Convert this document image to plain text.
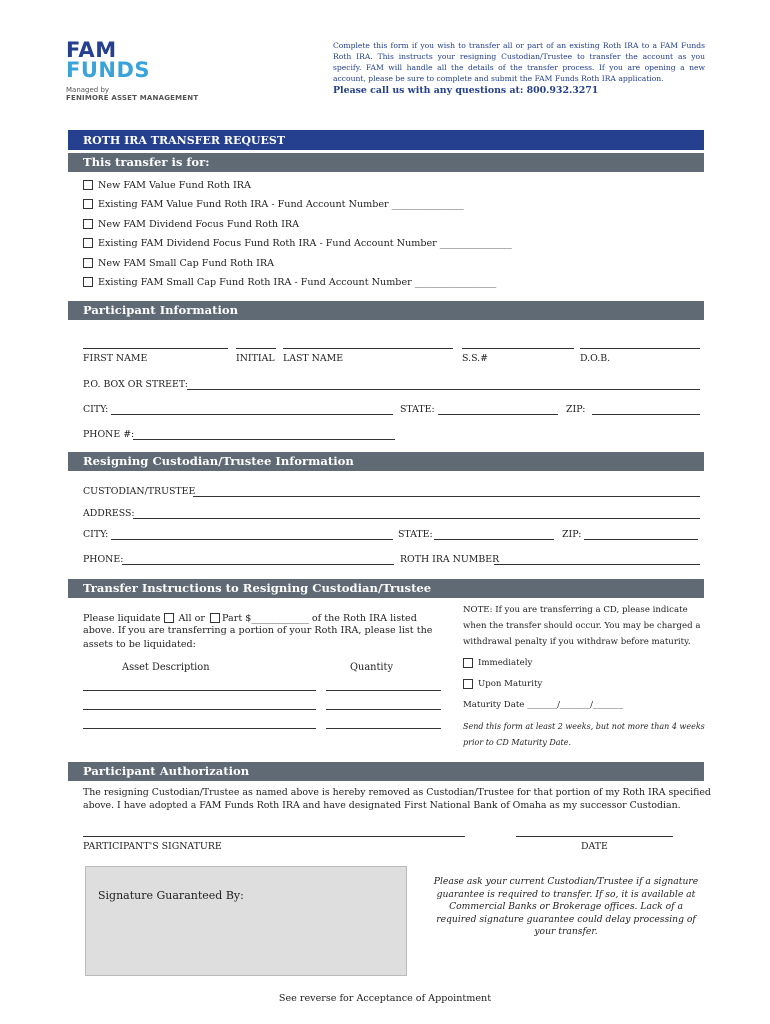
FAM
FUNDS
Managed by
FENIMORE ASSET MANAGEMENT
Complete this form if you wish to transfer all or part of an existing Roth IRA to a FAM Funds Roth IRA. This instructs your resigning Custodian/Trustee to transfer the account as you specify. FAM will handle all the details of the transfer process. If you are opening a new account, please be sure to complete and submit the FAM Funds Roth IRA application.
Please call us with any questions at: 800.932.3271
ROTH IRA TRANSFER REQUEST
This transfer is for:
New FAM Value Fund Roth IRA
Existing FAM Value Fund Roth IRA - Fund Account Number _______________
New FAM Dividend Focus Fund Roth IRA
Existing FAM Dividend Focus Fund Roth IRA - Fund Account Number _______________
New FAM Small Cap Fund Roth IRA
Existing FAM Small Cap Fund Roth IRA - Fund Account Number _________________
Participant Information
FIRST NAME	INITIAL LAST NAME	S.S.#	D.O.B.
P.O. BOX OR STREET:
CITY:	STATE:	ZIP:
PHONE #:
Resigning Custodian/Trustee Information
CUSTODIAN/TRUSTEE
ADDRESS:
CITY:	STATE:	ZIP:
PHONE:	ROTH IRA NUMBER
Transfer Instructions to Resigning Custodian/Trustee
Please liquidate All or Part $ ____________ of the Roth IRA listed
above. If you are transferring a portion of your Roth IRA, please list the
assets to be liquidated:
Asset Description	Quantity
NOTE: If you are transferring a CD, please indicate
when the transfer should occur. You may be charged a
withdrawal penalty if you withdraw before maturity.
Immediately
Upon Maturity
Maturity Date _______/_______/_______
Send this form at least 2 weeks, but not more than 4 weeks
prior to CD Maturity Date.
Participant Authorization
The resigning Custodian/Trustee as named above is hereby removed as Custodian/Trustee for that portion of my Roth IRA specified
above. I have adopted a FAM Funds Roth IRA and have designated First National Bank of Omaha as my successor Custodian.
PARTICIPANT'S SIGNATURE	DATE
Signature Guaranteed By:
Please ask your current Custodian/Trustee if a signature guarantee is required to transfer. If so, it is available at Commercial Banks or Brokerage offices. Lack of a required signature guarantee could delay processing of your transfer.
See reverse for Acceptance of Appointment
